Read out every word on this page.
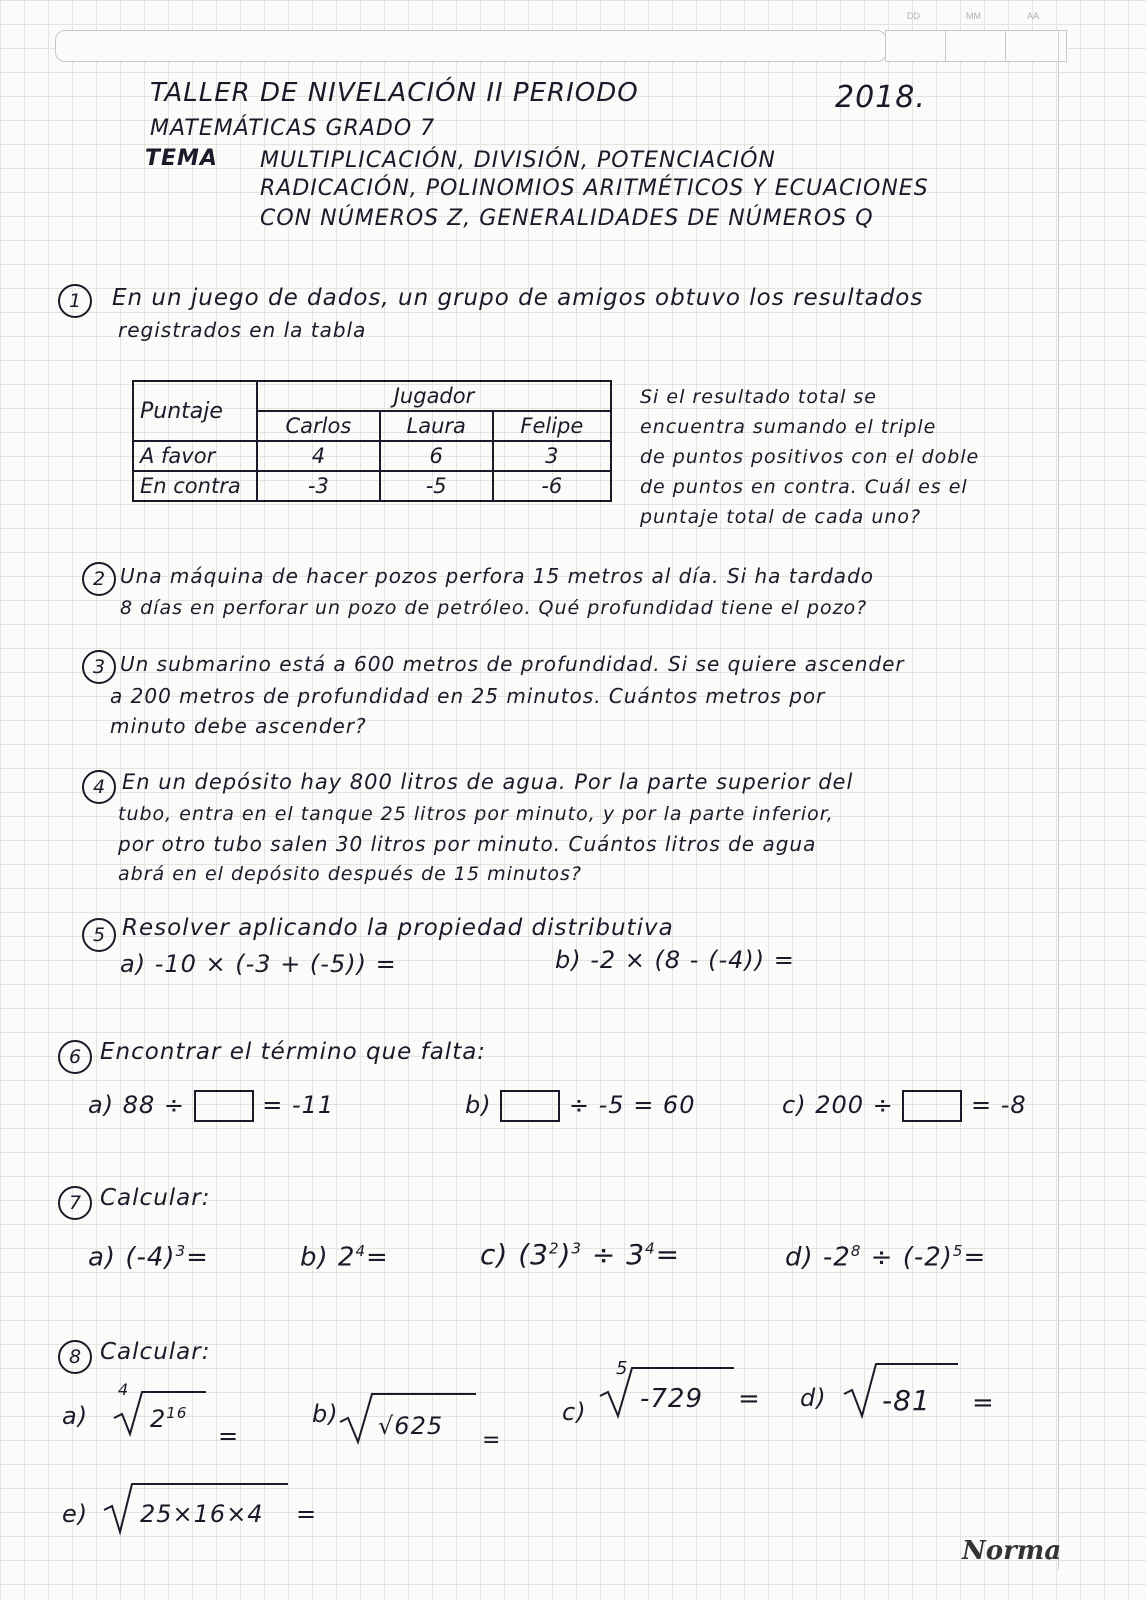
DD	MM	AA
TALLER DE NIVELACIÓN II PERIODO	2018.
MATEMÁTICAS GRADO 7
TEMA MULTIPLICACIÓN, DIVISIÓN, POTENCIACIÓN
RADICACIÓN, POLINOMIOS ARITMÉTICOS Y ECUACIONES
CON NÚMEROS Z, GENERALIDADES DE NÚMEROS Q
1	En un juego de dados, un grupo de amigos obtuvo los resultados
registrados en la tabla
Puntaje	Jugador		
	Carlos	Laura	Felipe
A favor	4	6	3
En contra	-3	-5	-6
Si el resultado total se
encuentra sumando el triple
de puntos positivos con el doble
de puntos en contra. Cuál es el
puntaje total de cada uno?
2 Una máquina de hacer pozos perfora 15 metros al día. Si ha tardado
8 días en perforar un pozo de petróleo. Qué profundidad tiene el pozo?
3 Un submarino está a 600 metros de profundidad. Si se quiere ascender
a 200 metros de profundidad en 25 minutos. Cuántos metros por
minuto debe ascender?
4 En un depósito hay 800 litros de agua. Por la parte superior del
tubo, entra en el tanque 25 litros por minuto, y por la parte inferior,
por otro tubo salen 30 litros por minuto. Cuántos litros de agua
abrá en el depósito después de 15 minutos?
5 Resolver aplicando la propiedad distributiva
a) -10 × (-3 + (-5)) =	b) -2 × (8 - (-4)) =
6 Encontrar el término que falta:
a) 88 ÷	= -11	b)	÷ -5 = 60	c) 200 ÷	= -8
7 Calcular:
a) $(-4)^3=$	b) $2^4=$	c) $(3^2)^3 \div 3^4=$	d) $-2^8 \div (-2)^5=$
8 Calcular:
a)
4
$2^{16}$
=
b) √625
=
c)
5
-729 = d) -81 =
e) 25×16×4 =
Norma
